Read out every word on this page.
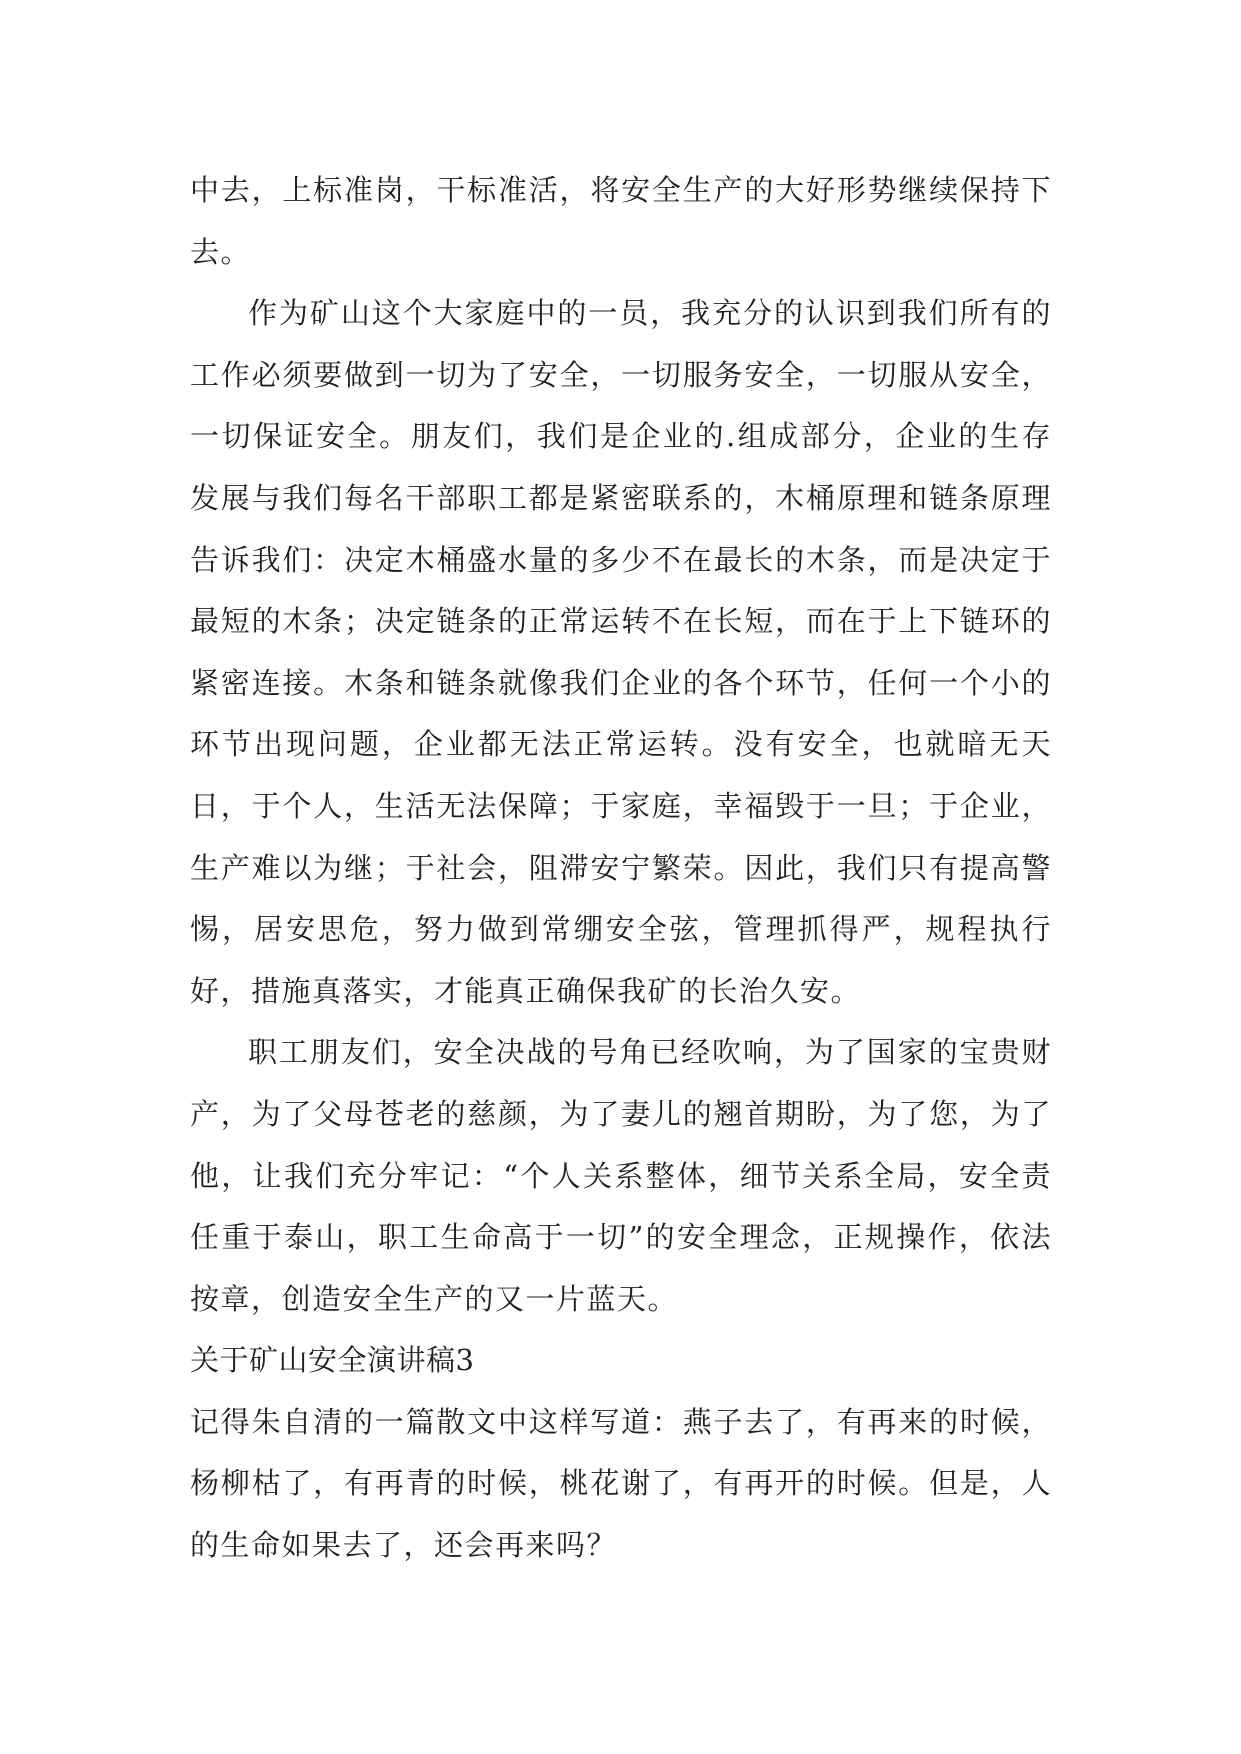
中去，上标准岗，干标准活，将安全生产的大好形势继续保持下去。

作为矿山这个大家庭中的一员，我充分的认识到我们所有的工作必须要做到一切为了安全，一切服务安全，一切服从安全，一切保证安全。朋友们，我们是企业的.组成部分，企业的生存发展与我们每名干部职工都是紧密联系的，木桶原理和链条原理告诉我们：决定木桶盛水量的多少不在最长的木条，而是决定于最短的木条；决定链条的正常运转不在长短，而在于上下链环的紧密连接。木条和链条就像我们企业的各个环节，任何一个小的环节出现问题，企业都无法正常运转。没有安全，也就暗无天日，于个人，生活无法保障；于家庭，幸福毁于一旦；于企业，生产难以为继；于社会，阻滞安宁繁荣。因此，我们只有提高警惕，居安思危，努力做到常绷安全弦，管理抓得严，规程执行好，措施真落实，才能真正确保我矿的长治久安。

职工朋友们，安全决战的号角已经吹响，为了国家的宝贵财产，为了父母苍老的慈颜，为了妻儿的翘首期盼，为了您，为了他，让我们充分牢记：“个人关系整体，细节关系全局，安全责任重于泰山，职工生命高于一切”的安全理念，正规操作，依法按章，创造安全生产的又一片蓝天。

关于矿山安全演讲稿3

记得朱自清的一篇散文中这样写道：燕子去了，有再来的时候，杨柳枯了，有再青的时候，桃花谢了，有再开的时候。但是，人的生命如果去了，还会再来吗？
